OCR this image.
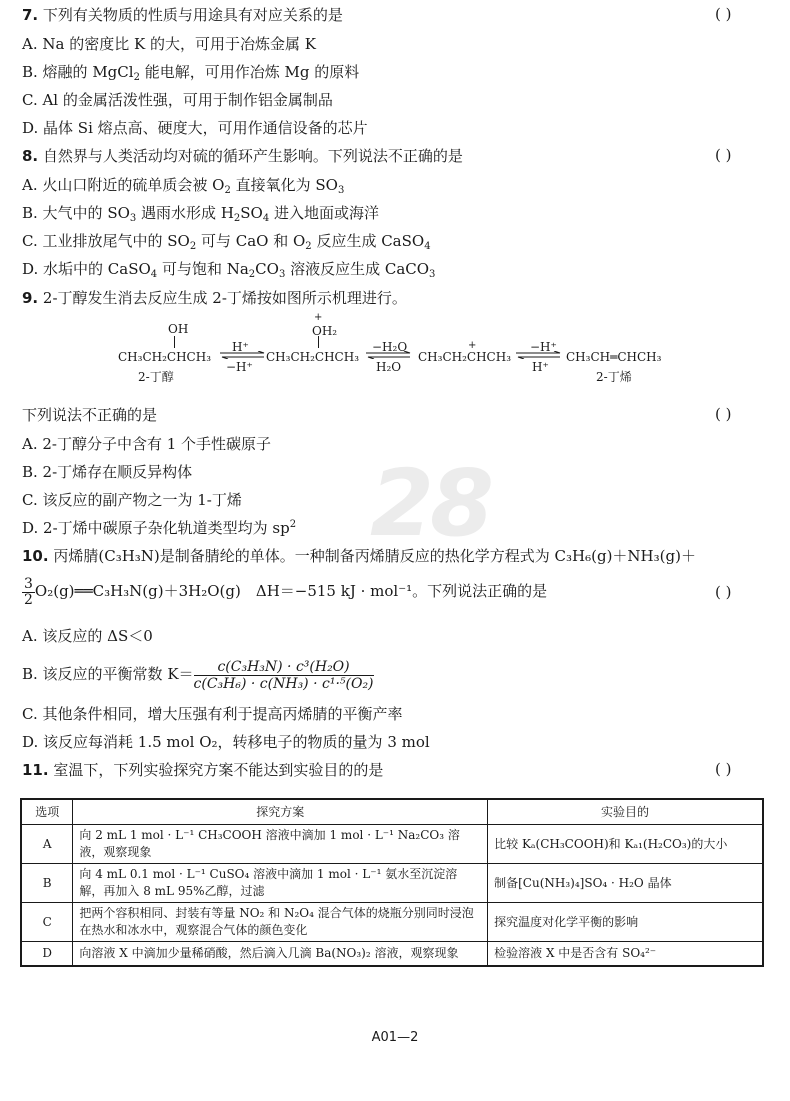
28
7. 下列有关物质的性质与用途具有对应关系的是	( )
A. Na 的密度比 K 的大，可用于冶炼金属 K
B. 熔融的 MgCl$_2$ 能电解，可用作冶炼 Mg 的原料
C. Al 的金属活泼性强，可用于制作铝金属制品
D. 晶体 Si 熔点高、硬度大，可用作通信设备的芯片
8. 自然界与人类活动均对硫的循环产生影响。下列说法不正确的是	( )
A. 火山口附近的硫单质会被 $O_2$ 直接氧化为 $SO_3$
B. 大气中的 $SO_3$ 遇雨水形成 $H_2SO_4$ 进入地面或海洋
C. 工业排放尾气中的 $SO_2$ 可与 CaO 和 $O_2$ 反应生成 CaSO$_4$
D. 水垢中的 CaSO$_4$ 可与饱和 $Na_2CO_3$ 溶液反应生成 CaCO$_3$
9. 2-丁醇发生消去反应生成 2-丁烯按如图所示机理进行。
OH
CH₃CH₂CHCH₃
2-丁醇
H⁺
−H⁺
+
OH₂
CH₃CH₂CHCH₃
−H₂O
H₂O
+
CH₃CH₂CHCH₃
−H⁺
H⁺
CH₃CH═CHCH₃
2-丁烯
下列说法不正确的是	( )
A. 2-丁醇分子中含有 1 个手性碳原子
B. 2-丁烯存在顺反异构体
C. 该反应的副产物之一为 1-丁烯
D. 2-丁烯中碳原子杂化轨道类型均为 $sp^2$
10. 丙烯腈(C₃H₃N)是制备腈纶的单体。一种制备丙烯腈反应的热化学方程式为 C₃H₆(g)＋NH₃(g)＋
$\frac{3}{2}$ O₂(g)══C₃H₃N(g)＋3H₂O(g)　ΔH＝−515 kJ · mol⁻¹。下列说法正确的是	( )
A. 该反应的 ΔS＜0
B. 该反应的平衡常数 $K= \frac{\text{c(C₃H₃N) · c³(H₂O)}}{\text{c(C₃H₆) · c(NH₃) · c¹·⁵(O₂)}}$
C. 其他条件相同，增大压强有利于提高丙烯腈的平衡产率
D. 该反应每消耗 1.5 mol O₂，转移电子的物质的量为 3 mol
11. 室温下，下列实验探究方案不能达到实验目的的是	( )
选项	探究方案	实验目的
A	向 2 mL 1 mol · L⁻¹ CH₃COOH 溶液中滴加 1 mol · L⁻¹ Na₂CO₃ 溶液，观察现象	比较 Kₐ(CH₃COOH)和 Kₐ₁(H₂CO₃)的大小
B	向 4 mL 0.1 mol · L⁻¹ CuSO₄ 溶液中滴加 1 mol · L⁻¹ 氨水至沉淀溶解，再加入 8 mL 95%乙醇，过滤	制备[Cu(NH₃)₄]SO₄ · H₂O 晶体
C	把两个容积相同、封装有等量 NO₂ 和 N₂O₄ 混合气体的烧瓶分别同时浸泡在热水和冰水中，观察混合气体的颜色变化	探究温度对化学平衡的影响
D	向溶液 X 中滴加少量稀硝酸，然后滴入几滴 Ba(NO₃)₂ 溶液，观察现象	检验溶液 X 中是否含有 SO₄²⁻
A01—2
